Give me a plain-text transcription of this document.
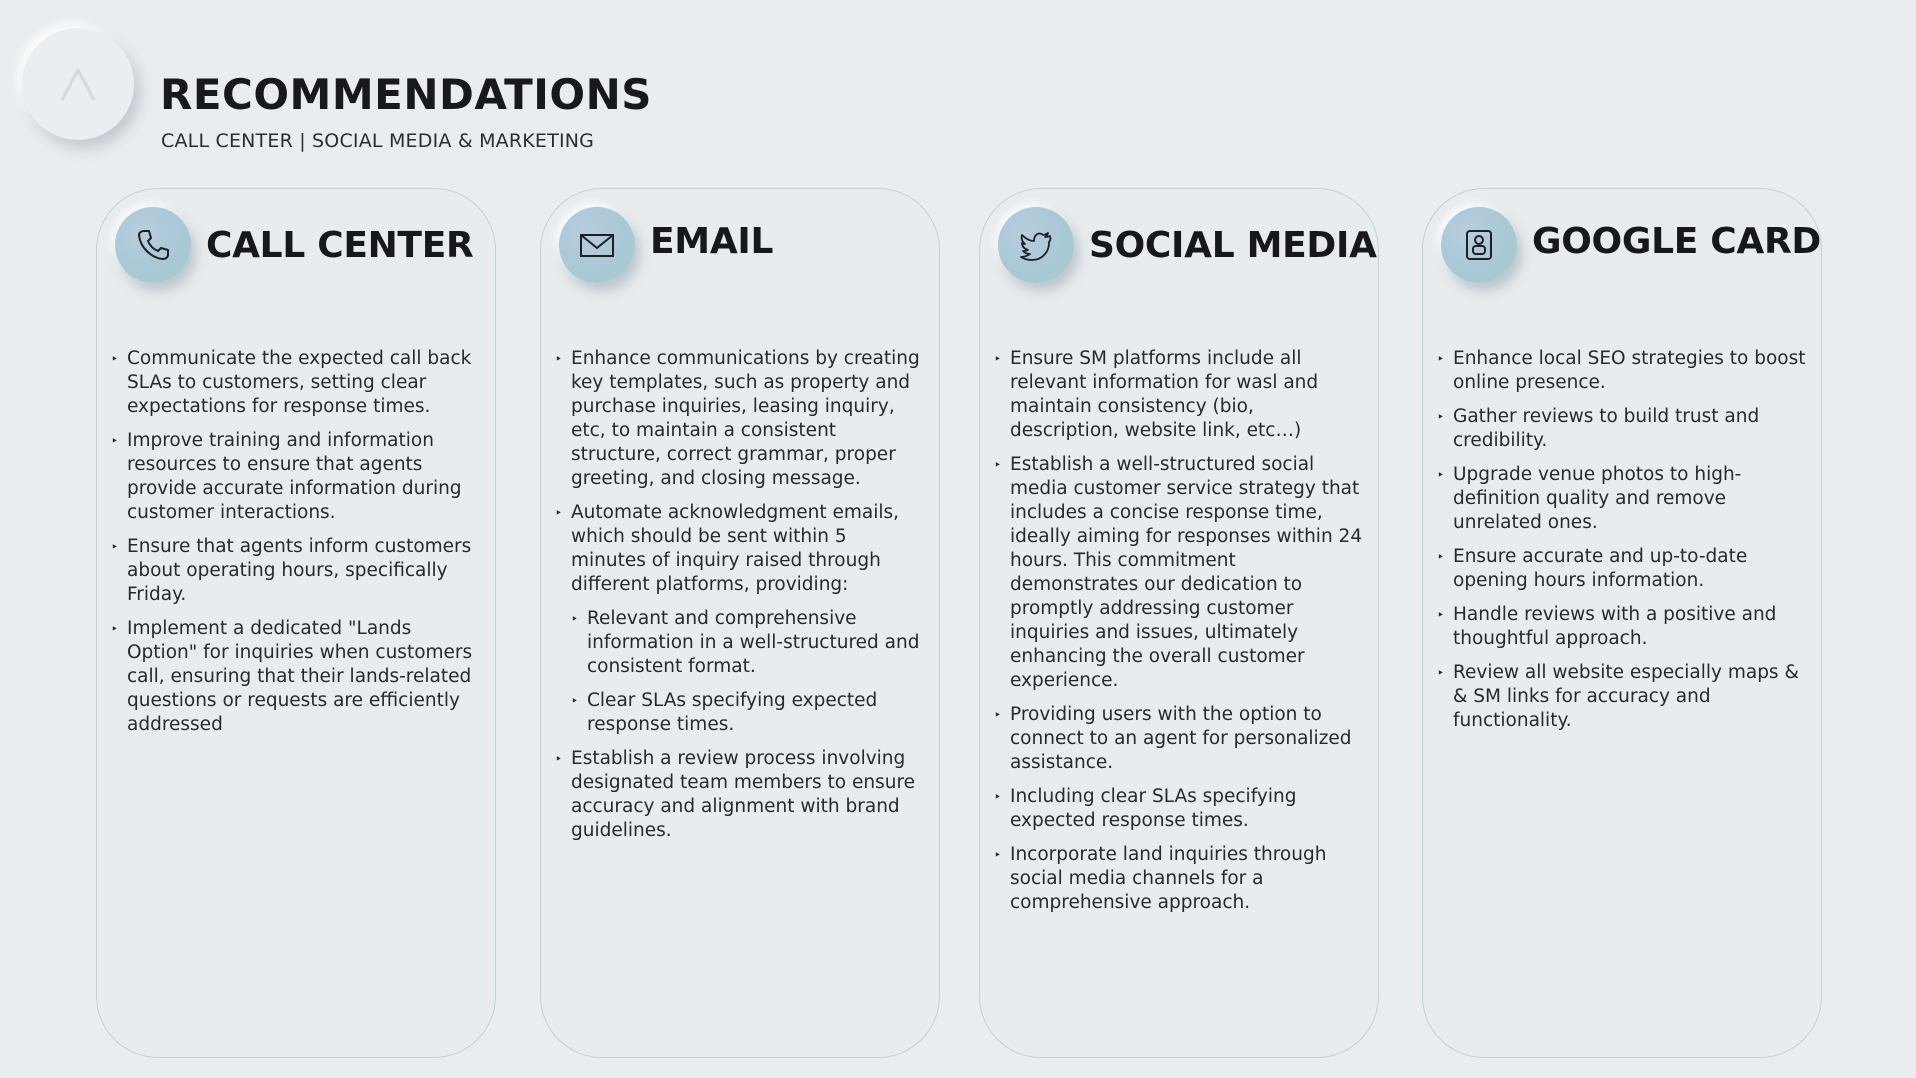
RECOMMENDATIONS
CALL CENTER | SOCIAL MEDIA & MARKETING
CALL CENTER
‣ Communicate the expected call back SLAs to customers, setting clear expectations for response times.
‣ Improve training and information resources to ensure that agents provide accurate information during customer interactions.
‣ Ensure that agents inform customers about operating hours, specifically Friday.
‣ Implement a dedicated "Lands Option" for inquiries when customers call, ensuring that their lands-related questions or requests are efficiently addressed
EMAIL
‣ Enhance communications by creating key templates, such as property and purchase inquiries, leasing inquiry, etc, to maintain a consistent structure, correct grammar, proper greeting, and closing message.
‣ Automate acknowledgment emails, which should be sent within 5 minutes of inquiry raised through different platforms, providing:
‣ Relevant and comprehensive information in a well-structured and consistent format.
‣ Clear SLAs specifying expected response times.
‣ Establish a review process involving designated team members to ensure accuracy and alignment with brand guidelines.
SOCIAL MEDIA
‣ Ensure SM platforms include all relevant information for wasl and maintain consistency (bio, description, website link, etc…)
‣ Establish a well-structured social media customer service strategy that includes a concise response time, ideally aiming for responses within 24 hours. This commitment demonstrates our dedication to promptly addressing customer inquiries and issues, ultimately enhancing the overall customer experience.
‣ Providing users with the option to connect to an agent for personalized assistance.
‣ Including clear SLAs specifying expected response times.
‣ Incorporate land inquiries through social media channels for a comprehensive approach.
GOOGLE CARD
‣ Enhance local SEO strategies to boost online presence.
‣ Gather reviews to build trust and credibility.
‣ Upgrade venue photos to high-definition quality and remove unrelated ones.
‣ Ensure accurate and up-to-date opening hours information.
‣ Handle reviews with a positive and thoughtful approach.
‣ Review all website especially maps & & SM links for accuracy and functionality.
